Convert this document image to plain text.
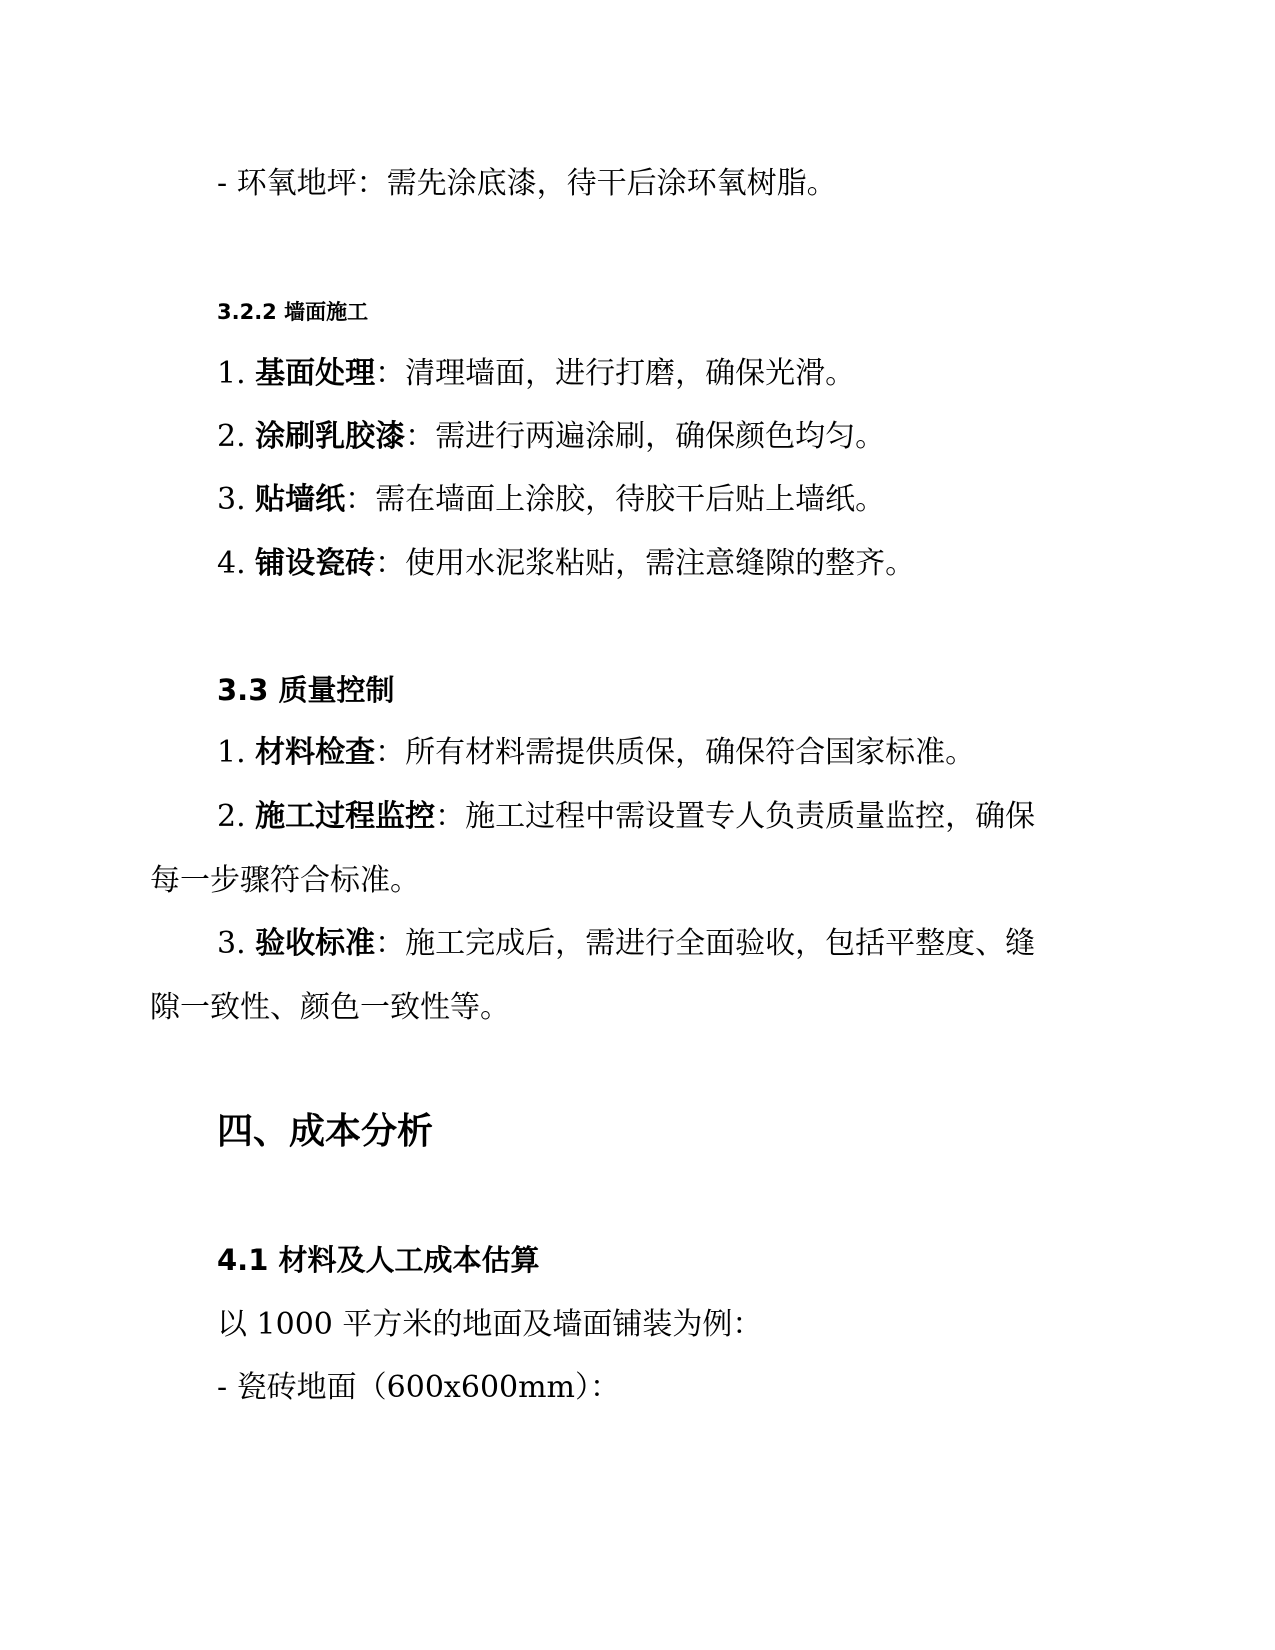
- 环氧地坪：需先涂底漆，待干后涂环氧树脂。
3.2.2 墙面施工
1. 基面处理：清理墙面，进行打磨，确保光滑。
2. 涂刷乳胶漆：需进行两遍涂刷，确保颜色均匀。
3. 贴墙纸：需在墙面上涂胶，待胶干后贴上墙纸。
4. 铺设瓷砖：使用水泥浆粘贴，需注意缝隙的整齐。
3.3 质量控制
1. 材料检查：所有材料需提供质保，确保符合国家标准。
2. 施工过程监控：施工过程中需设置专人负责质量监控，确保
每一步骤符合标准。
3. 验收标准：施工完成后，需进行全面验收，包括平整度、缝
隙一致性、颜色一致性等。
四、成本分析
4.1 材料及人工成本估算
以 1000 平方米的地面及墙面铺装为例：
- 瓷砖地面（600x600mm）：
